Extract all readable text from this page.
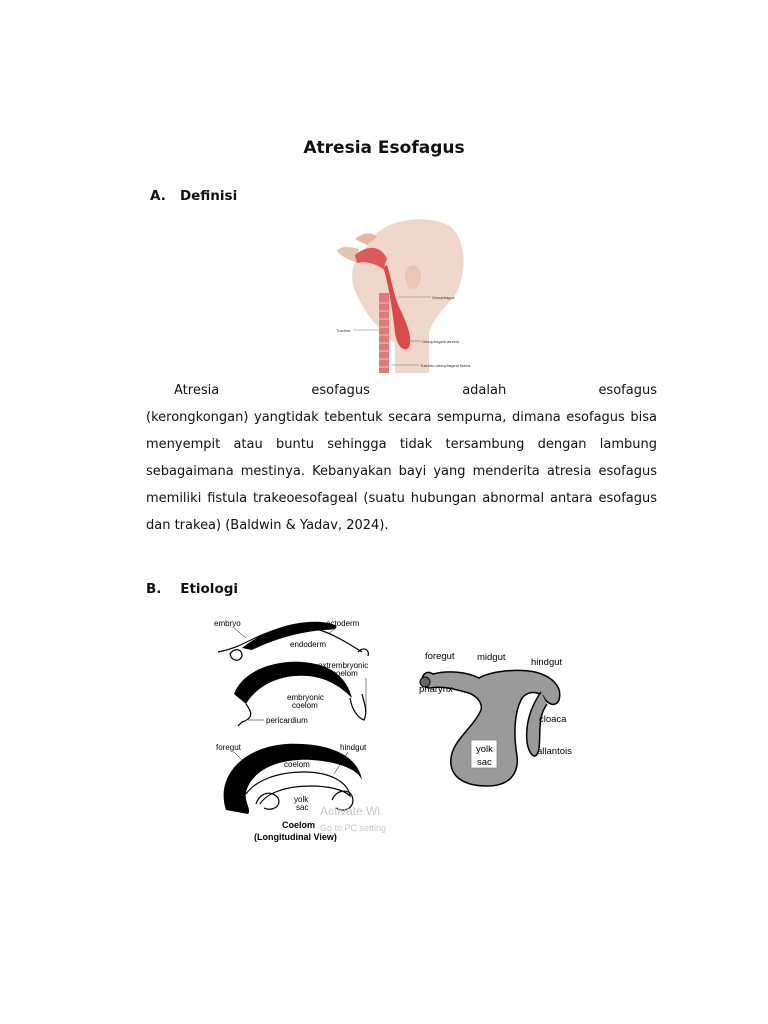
Atresia Esofagus
A. Definisi
Oesophagus
Trachea
Oesophageal atresia
Tracheo-oesophageal fistula
Atresia	esofagus	adalah	esofagus
(kerongkongan) yangtidak tebentuk secara sempurna, dimana esofagus bisa menyempit atau buntu sehingga tidak tersambung dengan lambung sebagaimana mestinya. Kebanyakan bayi yang menderita atresia esofagus memiliki fistula trakeoesofageal (suatu hubungan abnormal antara esofagus dan trakea) (Baldwin & Yadav, 2024).
B. Etiologi
embryo	ectoderm
endoderm
extrembryonic
coelom
embryonic
coelom
pericardium
foregut	hindgut
coelom
yolk
sac Activate Wi
Go to PC setting
Coelom
(Longitudinal View)
foregut midgut	hindgut
pharynx
cloaca
allantois
yolk
sac
